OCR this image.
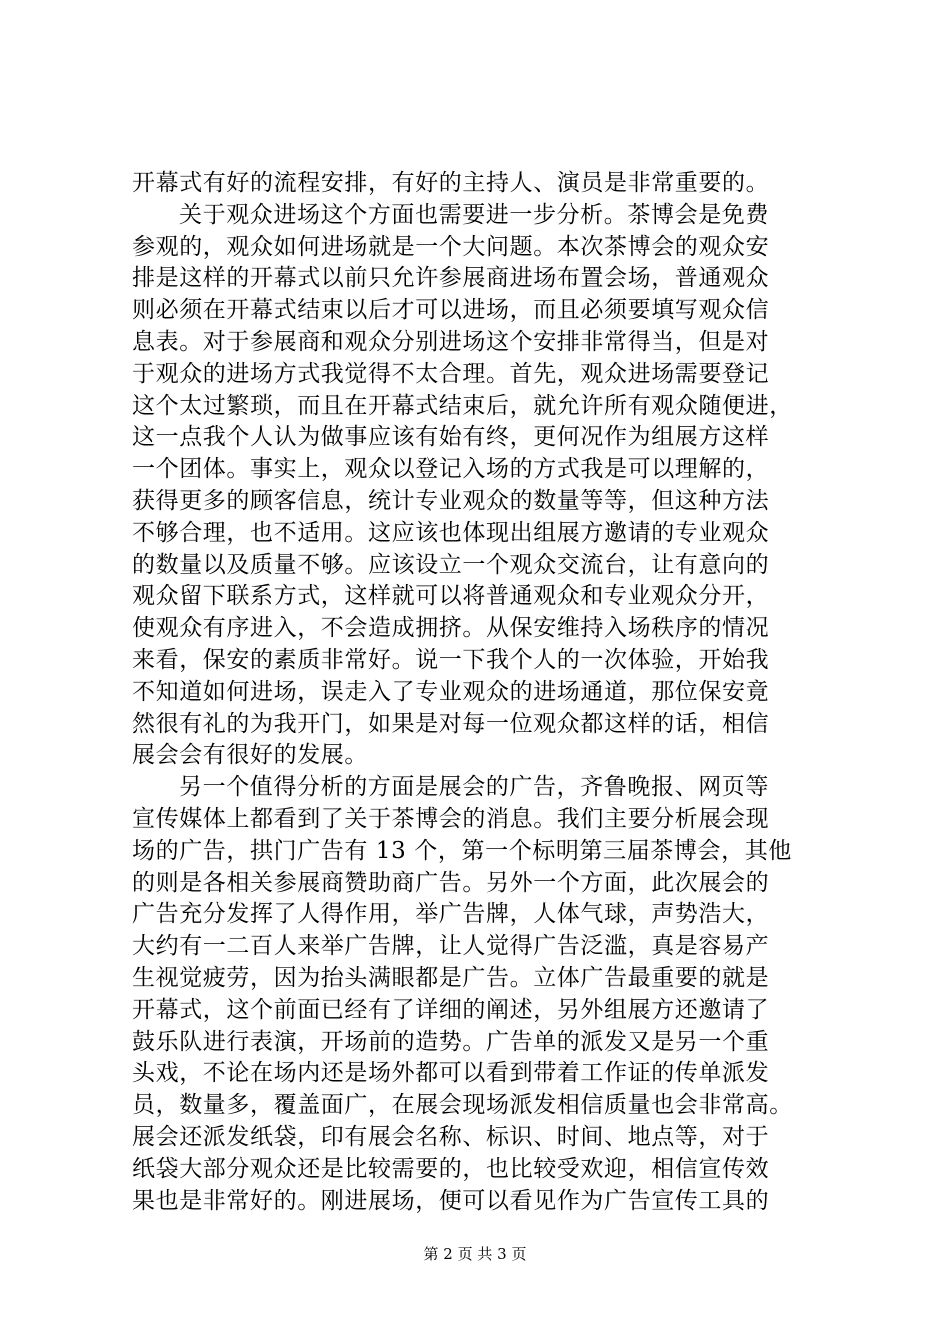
开幕式有好的流程安排，有好的主持人、演员是非常重要的。
关于观众进场这个方面也需要进一步分析。茶博会是免费
参观的，观众如何进场就是一个大问题。本次茶博会的观众安
排是这样的开幕式以前只允许参展商进场布置会场，普通观众
则必须在开幕式结束以后才可以进场，而且必须要填写观众信
息表。对于参展商和观众分别进场这个安排非常得当，但是对
于观众的进场方式我觉得不太合理。首先，观众进场需要登记
这个太过繁琐，而且在开幕式结束后，就允许所有观众随便进，
这一点我个人认为做事应该有始有终，更何况作为组展方这样
一个团体。事实上，观众以登记入场的方式我是可以理解的，
获得更多的顾客信息，统计专业观众的数量等等，但这种方法
不够合理，也不适用。这应该也体现出组展方邀请的专业观众
的数量以及质量不够。应该设立一个观众交流台，让有意向的
观众留下联系方式，这样就可以将普通观众和专业观众分开，
使观众有序进入，不会造成拥挤。从保安维持入场秩序的情况
来看，保安的素质非常好。说一下我个人的一次体验，开始我
不知道如何进场，误走入了专业观众的进场通道，那位保安竟
然很有礼的为我开门，如果是对每一位观众都这样的话，相信
展会会有很好的发展。
另一个值得分析的方面是展会的广告，齐鲁晚报、网页等
宣传媒体上都看到了关于茶博会的消息。我们主要分析展会现
场的广告，拱门广告有 13 个，第一个标明第三届茶博会，其他
的则是各相关参展商赞助商广告。另外一个方面，此次展会的
广告充分发挥了人得作用，举广告牌，人体气球，声势浩大，
大约有一二百人来举广告牌，让人觉得广告泛滥，真是容易产
生视觉疲劳，因为抬头满眼都是广告。立体广告最重要的就是
开幕式，这个前面已经有了详细的阐述，另外组展方还邀请了
鼓乐队进行表演，开场前的造势。广告单的派发又是另一个重
头戏，不论在场内还是场外都可以看到带着工作证的传单派发
员，数量多，覆盖面广，在展会现场派发相信质量也会非常高。
展会还派发纸袋，印有展会名称、标识、时间、地点等，对于
纸袋大部分观众还是比较需要的，也比较受欢迎，相信宣传效
果也是非常好的。刚进展场，便可以看见作为广告宣传工具的
第 2 页 共 3 页
